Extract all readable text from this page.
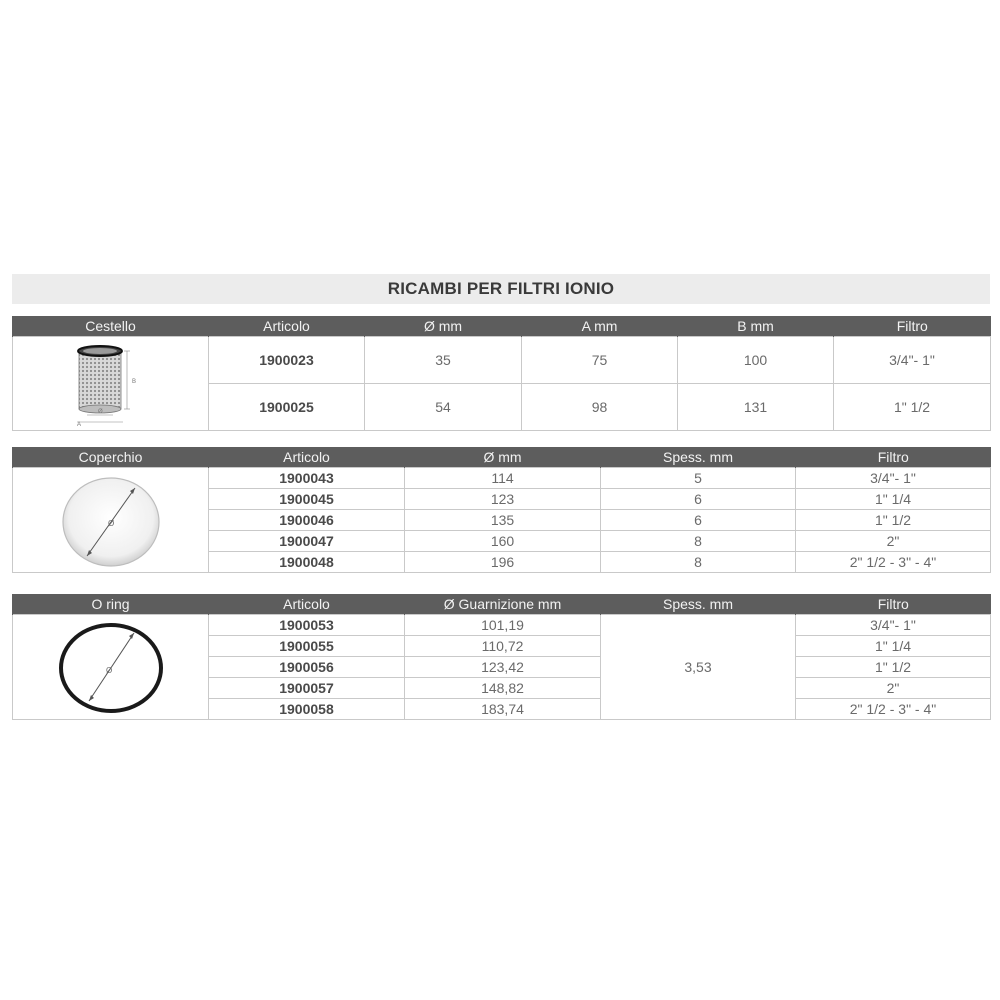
RICAMBI PER FILTRI IONIO
Cestello	Articolo	Ø mm	A mm	B mm	Filtro

B
Ø
A	1900023	35	75	100	3/4"- 1"
	1900025	54	98	131	1" 1/2
Coperchio	Articolo	Ø mm	Spess. mm	Filtro

Ø	1900043	114	5	3/4"- 1"
	1900045	123	6	1" 1/4
	1900046	135	6	1" 1/2
	1900047	160	8	2"
	1900048	196	8	2" 1/2 - 3" - 4"
O ring	Articolo	Ø Guarnizione mm	Spess. mm	Filtro

Ø	1900053	101,19	3,53	3/4"- 1"
	1900055	110,72		1" 1/4
	1900056	123,42		1" 1/2
	1900057	148,82		2"
	1900058	183,74		2" 1/2 - 3" - 4"
